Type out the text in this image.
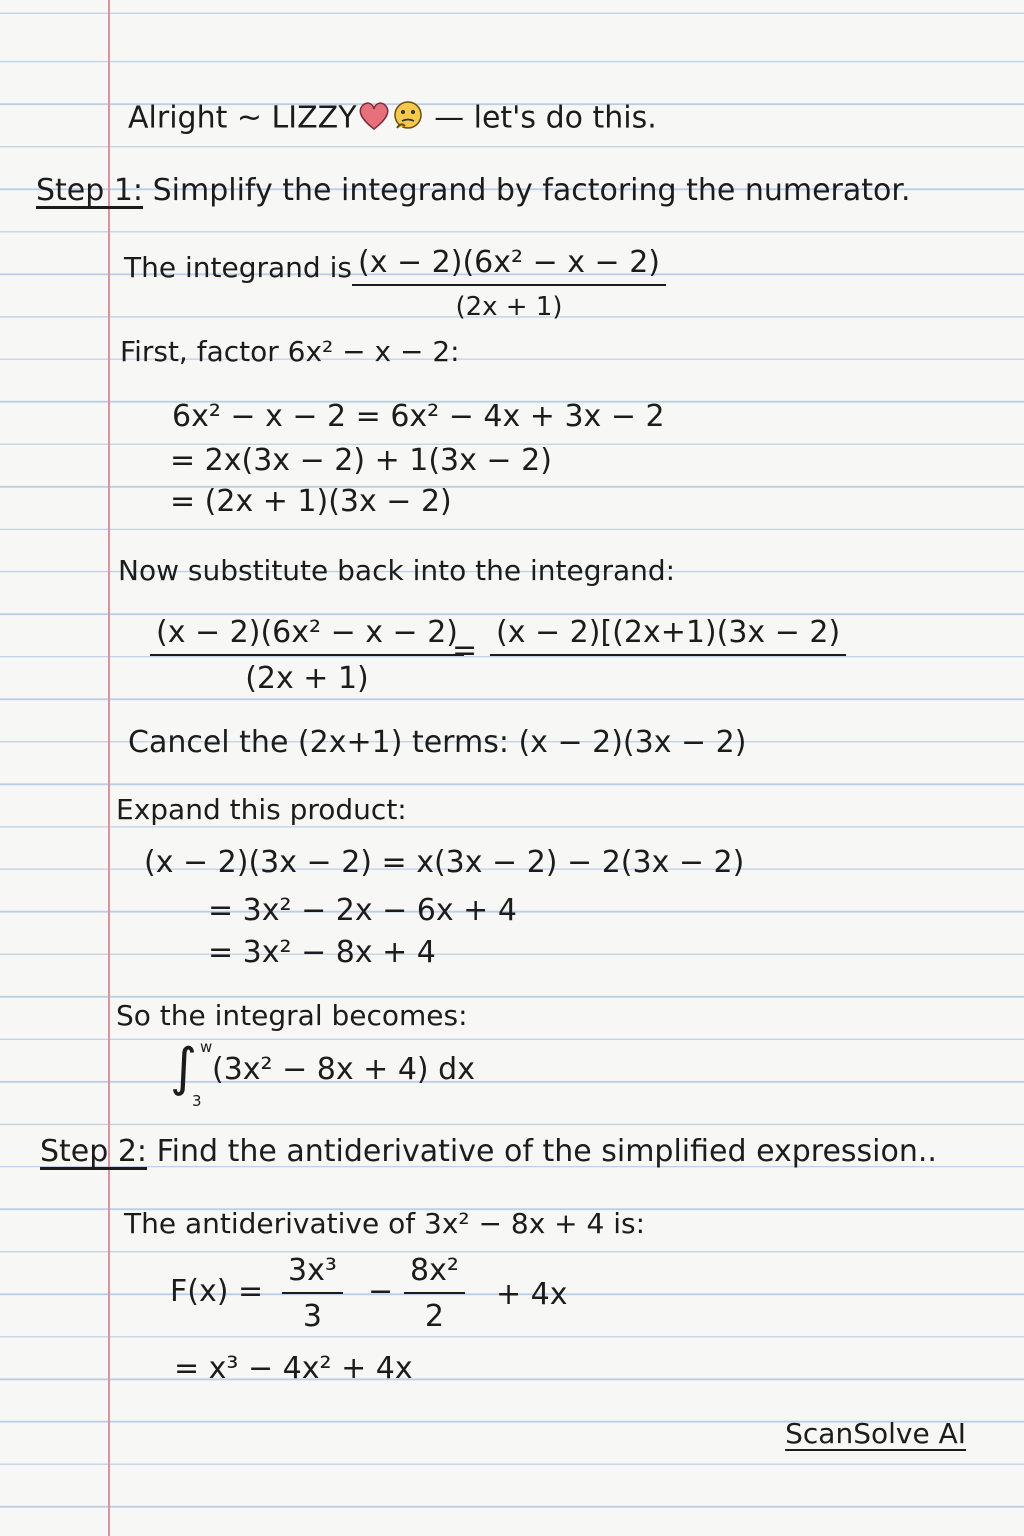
Alright ~ LIZZY — let's do this.
Step 1: Simplify the integrand by factoring the numerator.
The integrand is $\frac{\text{(x − 2)(6x² − x − 2)}}{(2x + 1)}$
First, factor 6x² − x − 2:
6x² − x − 2 = 6x² − 4x + 3x − 2
= 2x(3x − 2) + 1(3x − 2)
= (2x + 1)(3x − 2)
Now substitute back into the integrand:
$\frac{\text{(x − 2)(6x² − x − 2)}}{(2x + 1)}$
=
(x − 2)[(2x+1)(3x − 2)
Cancel the (2x+1) terms: (x − 2)(3x − 2)
Expand this product:
(x − 2)(3x − 2) = x(3x − 2) − 2(3x − 2)
= 3x² − 2x − 6x + 4
= 3x² − 8x + 4
So the integral becomes:
∫ w
3
(3x² − 8x + 4) dx
Step 2: Find the antiderivative of the simplified expression..
The antiderivative of 3x² − 8x + 4 is:
$F(x) = \frac{\text{3x³}}{3} - \frac{\text{8x²}}{2} + 4x$
= x³ − 4x² + 4x
ScanSolve AI
